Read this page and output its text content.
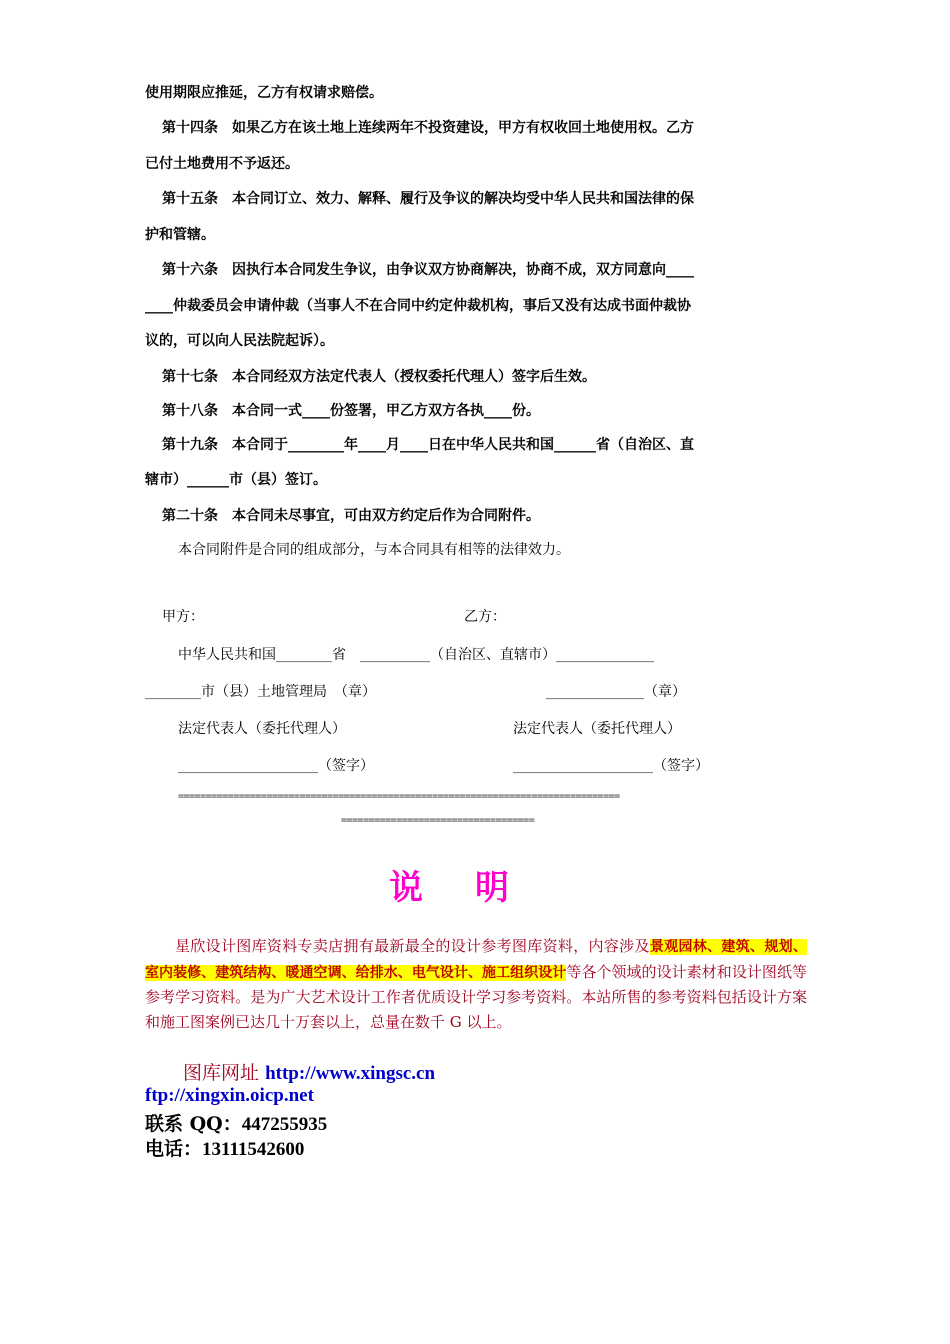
使用期限应推延，乙方有权请求赔偿。
第十四条　如果乙方在该土地上连续两年不投资建设，甲方有权收回土地使用权。乙方
已付土地费用不予返还。
第十五条　本合同订立、效力、解释、履行及争议的解决均受中华人民共和国法律的保
护和管辖。
第十六条　因执行本合同发生争议，由争议双方协商解决，协商不成，双方同意向____
____仲裁委员会申请仲裁（当事人不在合同中约定仲裁机构，事后又没有达成书面仲裁协
议的，可以向人民法院起诉）。
第十七条　本合同经双方法定代表人（授权委托代理人）签字后生效。
第十八条　本合同一式____份签署，甲乙方双方各执____份。
第十九条　本合同于________年____月____日在中华人民共和国______省（自治区、直
辖市）______市（县）签订。
第二十条　本合同未尽事宜，可由双方约定后作为合同附件。
本合同附件是合同的组成部分，与本合同具有相等的法律效力。
甲方：	乙方：
中华人民共和国________省　__________（自治区、直辖市）______________
________市（县）土地管理局　（章）	______________（章）
法定代表人（委托代理人）	法定代表人（委托代理人）
____________________（签字）	____________________（签字）
================================================================================
===================================
说明
星欣设计图库资料专卖店拥有最新最全的设计参考图库资料，内容涉及景观园林、建筑、规划、室内装修、建筑结构、暖通空调、给排水、电气设计、施工组织设计等各个领域的设计素材和设计图纸等参考学习资料。是为广大艺术设计工作者优质设计学习参考资料。本站所售的参考资料包括设计方案和施工图案例已达几十万套以上，总量在数千 G 以上。
图库网址 http://www.xingsc.cn
ftp://xingxin.oicp.net
联系 QQ：447255935
电话：13111542600
